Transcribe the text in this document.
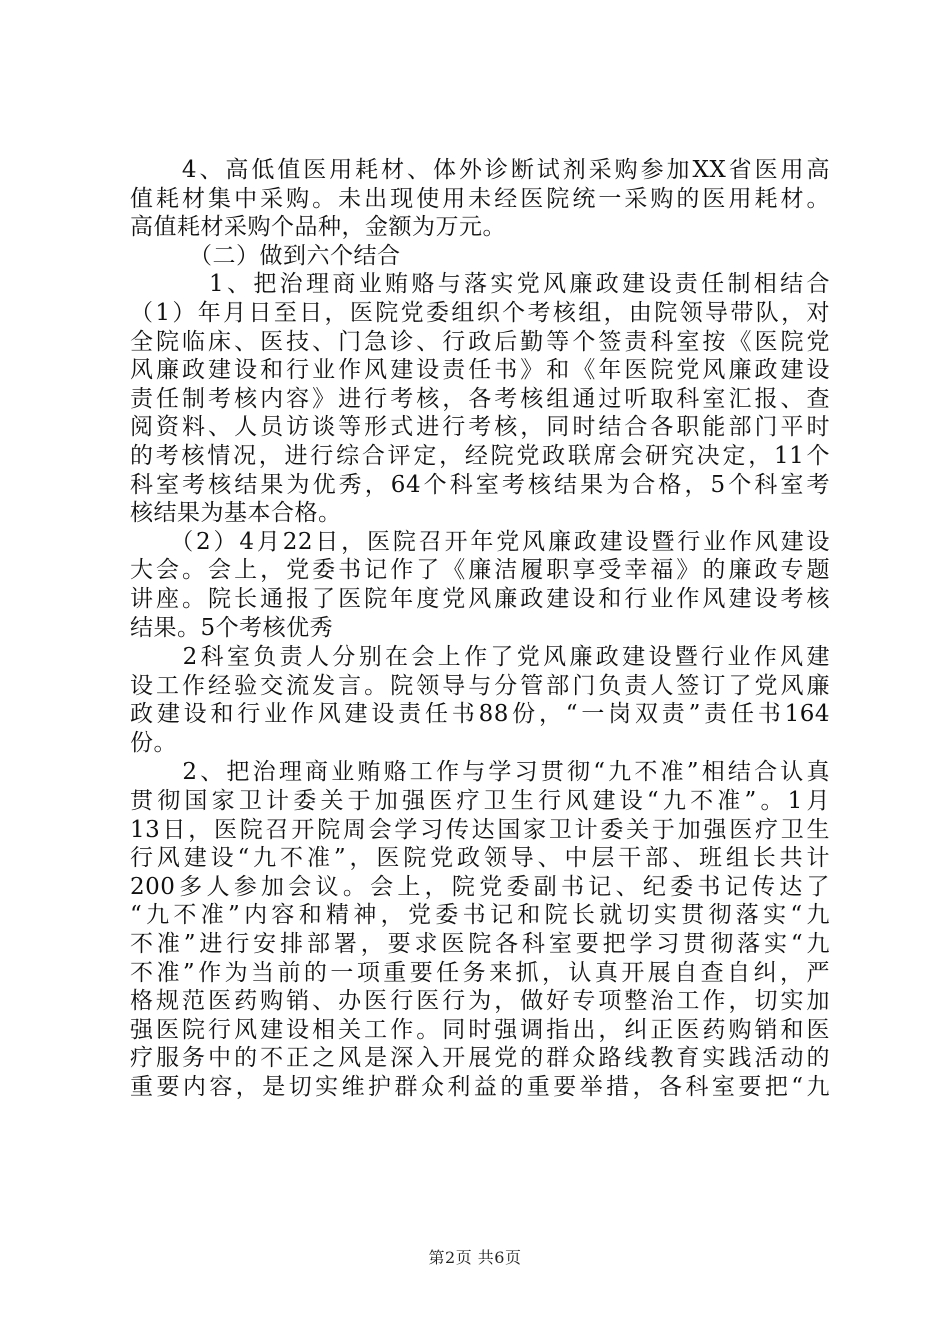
　　4、高低值医用耗材、体外诊断试剂采购参加XX省医用高
值耗材集中采购。未出现使用未经医院统一采购的医用耗材。
高值耗材采购个品种，金额为万元。
　　　（二）做到六个结合
　　　1、把治理商业贿赂与落实党风廉政建设责任制相结合
（1）年月日至日，医院党委组织个考核组，由院领导带队，对
全院临床、医技、门急诊、行政后勤等个签责科室按《医院党
风廉政建设和行业作风建设责任书》和《年医院党风廉政建设
责任制考核内容》进行考核，各考核组通过听取科室汇报、查
阅资料、人员访谈等形式进行考核，同时结合各职能部门平时
的考核情况，进行综合评定，经院党政联席会研究决定，11个
科室考核结果为优秀，64个科室考核结果为合格，5个科室考
核结果为基本合格。
　　（2）4月22日，医院召开年党风廉政建设暨行业作风建设
大会。会上，党委书记作了《廉洁履职享受幸福》的廉政专题
讲座。院长通报了医院年度党风廉政建设和行业作风建设考核
结果。5个考核优秀
　　2科室负责人分别在会上作了党风廉政建设暨行业作风建
设工作经验交流发言。院领导与分管部门负责人签订了党风廉
政建设和行业作风建设责任书88份，“一岗双责”责任书164
份。
　　2、把治理商业贿赂工作与学习贯彻“九不准”相结合认真
贯彻国家卫计委关于加强医疗卫生行风建设“九不准”。1月
13日，医院召开院周会学习传达国家卫计委关于加强医疗卫生
行风建设“九不准”，医院党政领导、中层干部、班组长共计
200多人参加会议。会上，院党委副书记、纪委书记传达了
“九不准”内容和精神，党委书记和院长就切实贯彻落实“九
不准”进行安排部署，要求医院各科室要把学习贯彻落实“九
不准”作为当前的一项重要任务来抓，认真开展自查自纠，严
格规范医药购销、办医行医行为，做好专项整治工作，切实加
强医院行风建设相关工作。同时强调指出，纠正医药购销和医
疗服务中的不正之风是深入开展党的群众路线教育实践活动的
重要内容，是切实维护群众利益的重要举措，各科室要把“九
第2页 共6页
